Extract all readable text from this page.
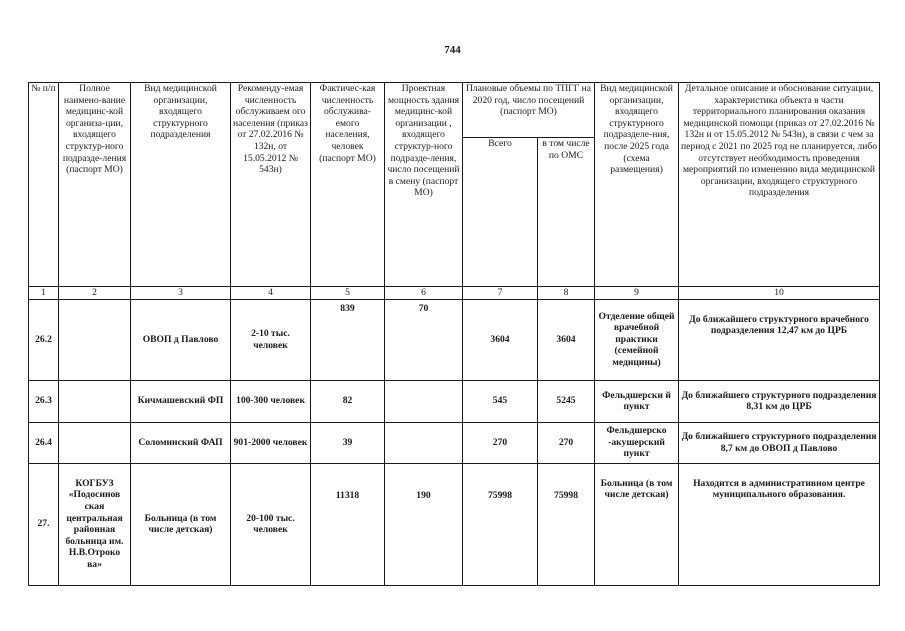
744
№ п/п	Полное наимено-вание медицинс-кой организа-ции, входящего структур-ного подразде-ления (паспорт МО)	Вид медицинской организации, входящего структурного подразделения	Рекоменду-емая численность обслуживаем ого населения (приказ от 27.02.2016 № 132н, от 15.05.2012 № 543н)	Фактичес-кая численность обслужива-емого населения, человек (паспорт МО)	Проектная мощность здания медицинс-кой организации , входящего структур-ного подразде-ления, число посещений в смену (паспорт МО)	Плановые объемы по ТПГГ на 2020 год, число посещений (паспорт МО)		Вид медицинской организации, входящего структурного подразделе-ния, после 2025 года (схема размещения)	Детальное описание и обоснование ситуации, характеристика объекта в части территориального планирования оказания медицинской помощи (приказ от 27.02.2016 № 132н и от 15.05.2012 № 543н), в связи с чем за период с 2021 по 2025 год не планируется, либо отсутствует необходимость проведения мероприятий по изменению вида медицинской организации, входящего структурного подразделения
						Всего	в том числе по ОМС		
1	2	3	4	5	6	7	8	9	10
26.2		ОВОП д Павлово	2-10 тыс. человек	839	70	3604	3604	Отделение общей врачебной практики (семейной медицины)	До ближайшего структурного врачебного подразделения 12,47 км до ЦРБ
26.3		Кичмашевский ФП	100-300 человек	82		545	5245	Фельдшерски й пункт	До ближайшего структурного подразделения 8,31 км до ЦРБ
26.4		Соломинский ФАП	901-2000 человек	39		270	270	Фельдшерско -акушерский пункт	До ближайшего структурного подразделения 8,7 км до ОВОП д Павлово
27.	КОГБУЗ «Подосинов ская центральная районная больница им. Н.В.Отроко ва»	Больница (в том числе детская)	20-100 тыс. человек	11318	190	75998	75998	Больница (в том числе детская)	Находится в административном центре муниципального образования.
